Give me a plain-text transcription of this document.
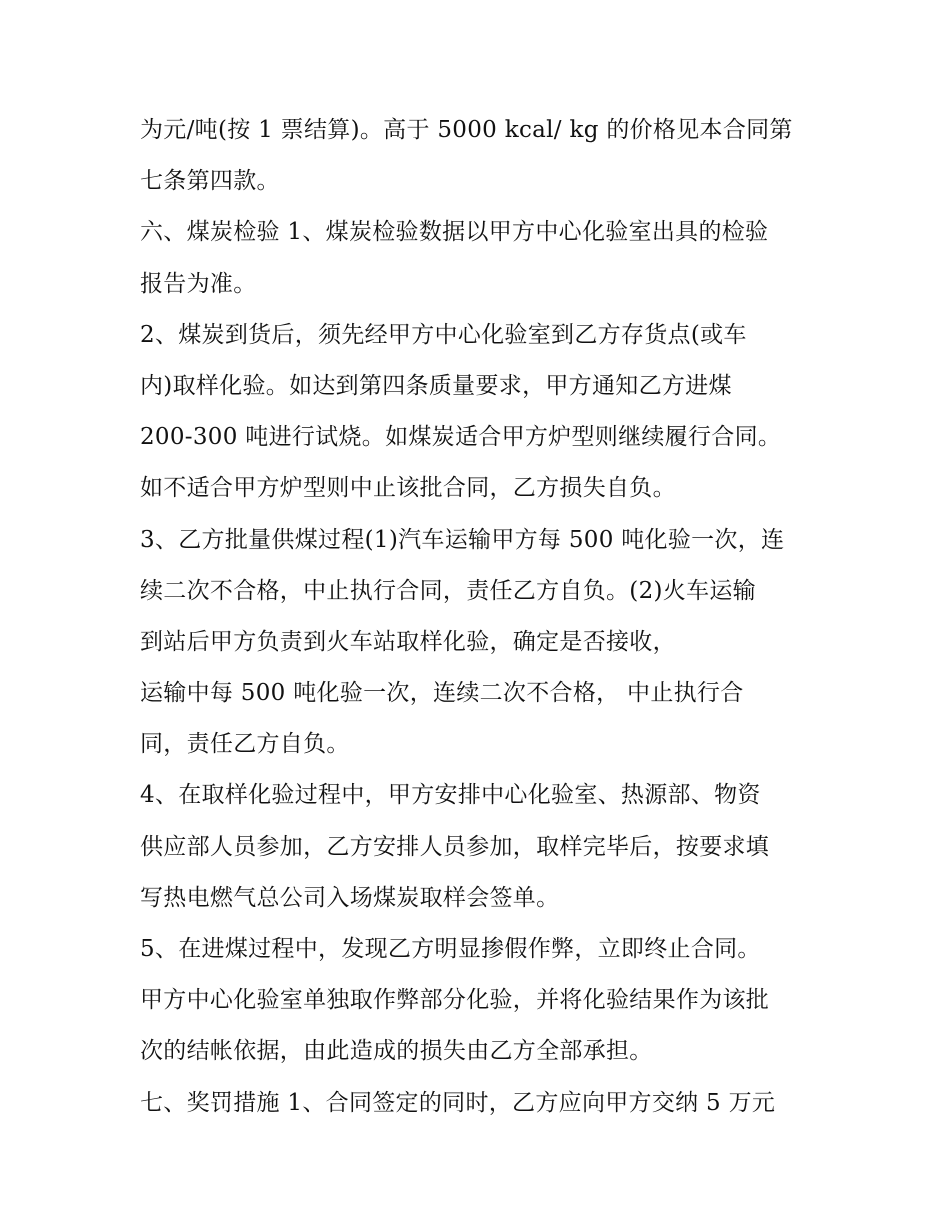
为元/吨(按 1 票结算)。高于 5000 kcal/ kg 的价格见本合同第
七条第四款。
六、煤炭检验 1、煤炭检验数据以甲方中心化验室出具的检验
报告为准。
2、煤炭到货后，须先经甲方中心化验室到乙方存货点(或车
内)取样化验。如达到第四条质量要求，甲方通知乙方进煤
200-300 吨进行试烧。如煤炭适合甲方炉型则继续履行合同。
如不适合甲方炉型则中止该批合同，乙方损失自负。
3、乙方批量供煤过程(1)汽车运输甲方每 500 吨化验一次，连
续二次不合格，中止执行合同，责任乙方自负。(2)火车运输
到站后甲方负责到火车站取样化验，确定是否接收，
运输中每 500 吨化验一次，连续二次不合格， 中止执行合
同，责任乙方自负。
4、在取样化验过程中，甲方安排中心化验室、热源部、物资
供应部人员参加，乙方安排人员参加，取样完毕后，按要求填
写热电燃气总公司入场煤炭取样会签单。
5、在进煤过程中，发现乙方明显掺假作弊，立即终止合同。
甲方中心化验室单独取作弊部分化验，并将化验结果作为该批
次的结帐依据，由此造成的损失由乙方全部承担。
七、奖罚措施 1、合同签定的同时，乙方应向甲方交纳 5 万元
